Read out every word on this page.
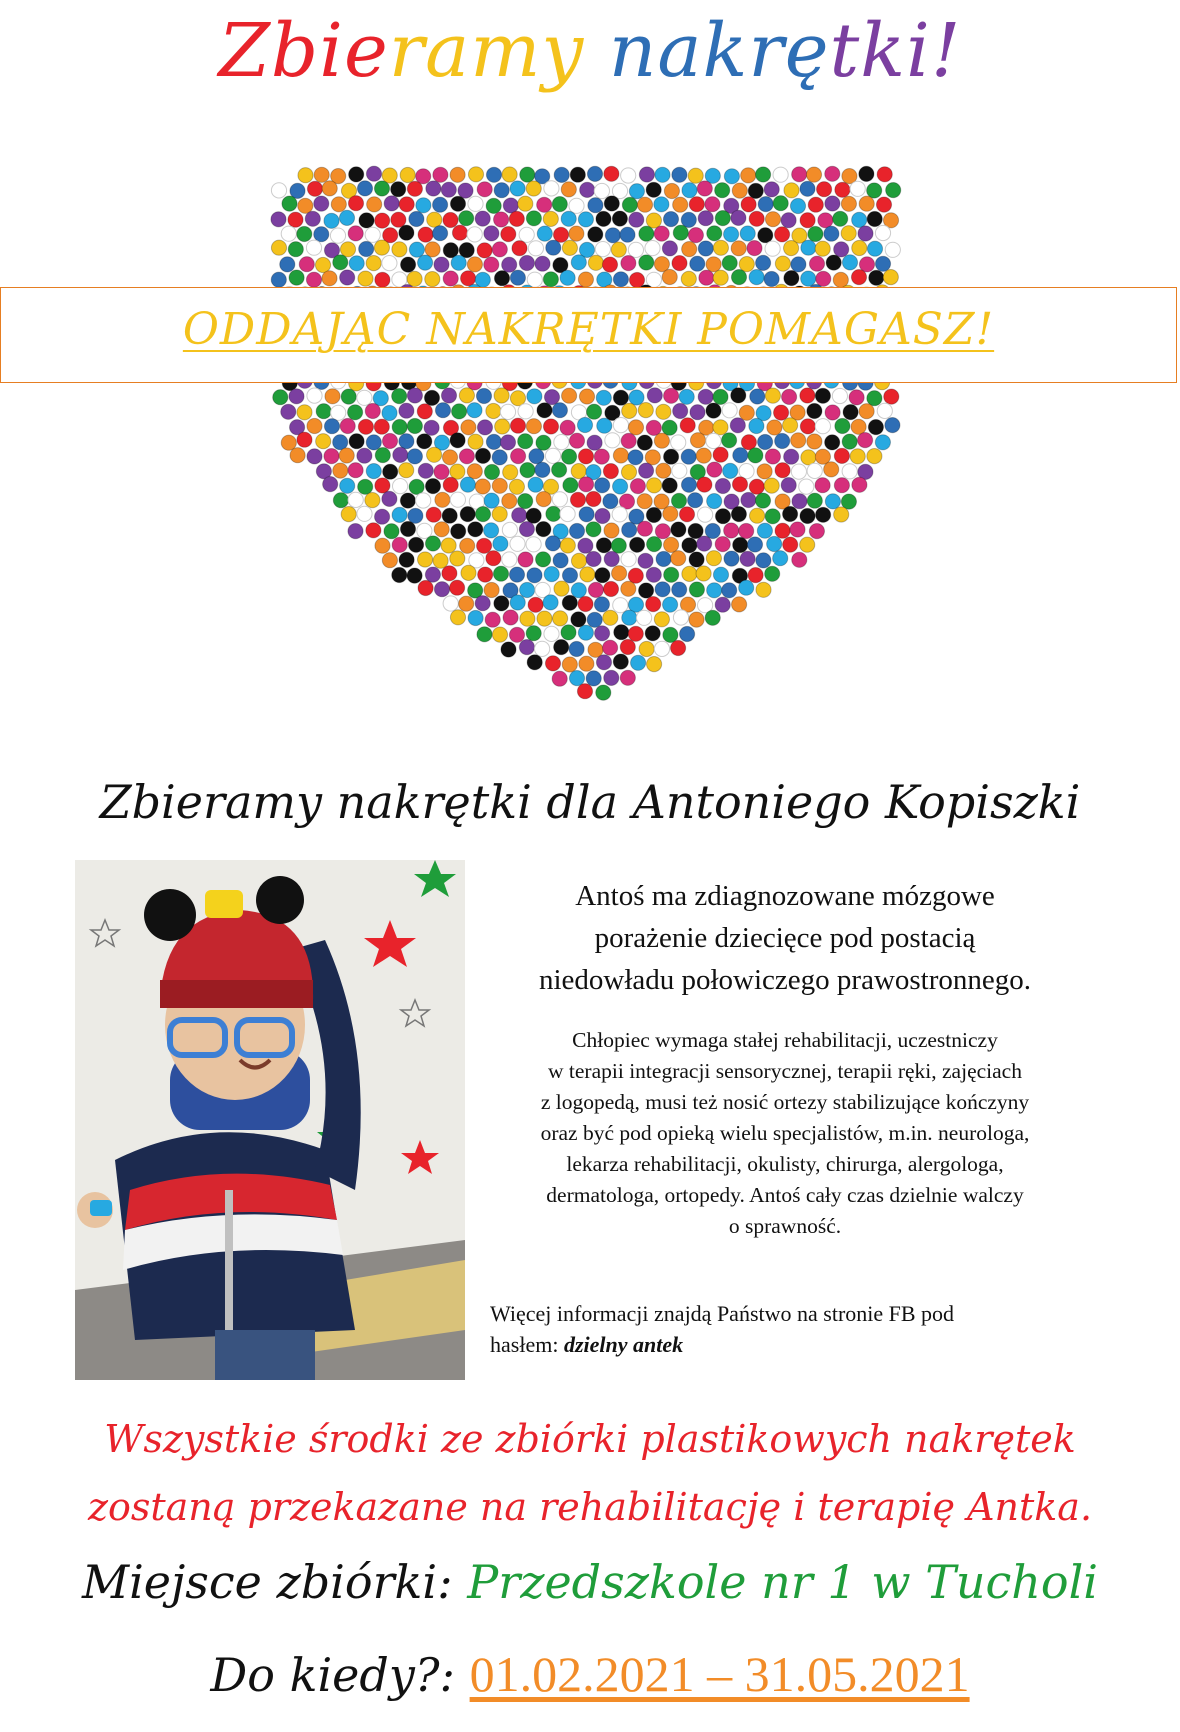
Zbieramy nakrętki!
ODDAJĄC NAKRĘTKI POMAGASZ!
Zbieramy nakrętki dla Antoniego Kopiszki
Antoś ma zdiagnozowane mózgowe
porażenie dziecięce pod postacią
niedowładu połowiczego prawostronnego.
Chłopiec wymaga stałej rehabilitacji, uczestniczy
w terapii integracji sensorycznej, terapii ręki, zajęciach
z logopedą, musi też nosić ortezy stabilizujące kończyny
oraz być pod opieką wielu specjalistów, m.in. neurologa,
lekarza rehabilitacji, okulisty, chirurga, alergologa,
dermatologa, ortopedy. Antoś cały czas dzielnie walczy
o sprawność.
Więcej informacji znajdą Państwo na stronie FB pod
hasłem: dzielny antek
Wszystkie środki ze zbiórki plastikowych nakrętek
zostaną przekazane na rehabilitację i terapię Antka.
Miejsce zbiórki: Przedszkole nr 1 w Tucholi
Do kiedy?: 01.02.2021 – 31.05.2021
